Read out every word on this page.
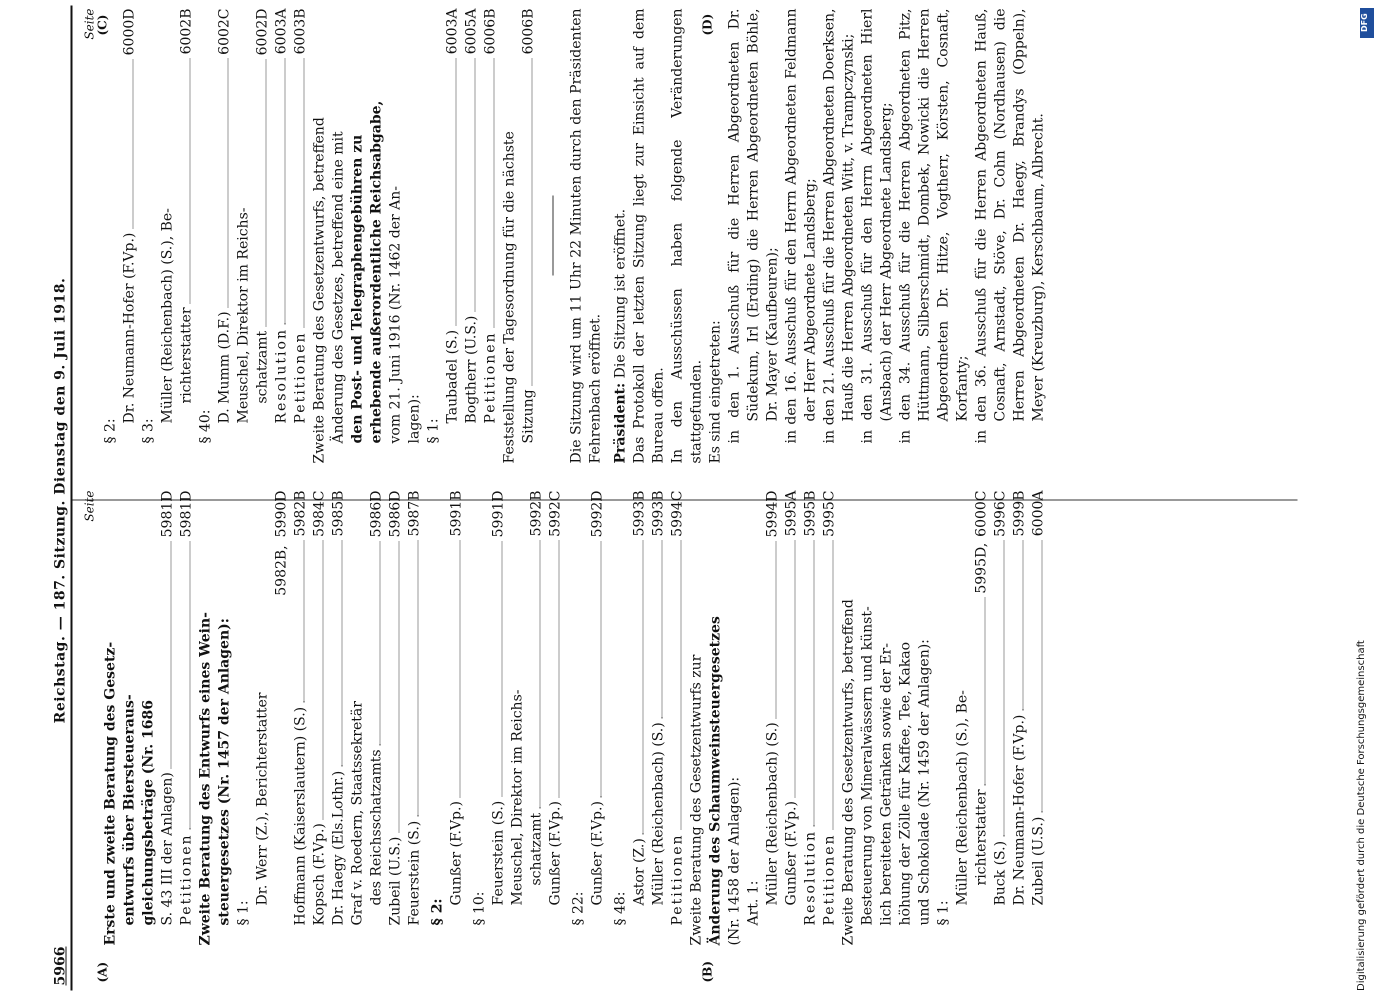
5966
Reichstag. — 187. Sitzung. Dienstag den 9. Juli 1918.
(A)	(B)
(C)	(D)
Seite
Erste und zweite Beratung des Gesetz- entwurfs über Biersteueraus- gleichungsbeträge (Nr. 1686 S. 43 III der Anlagen)
5981D
Petitionen
5981D
Zweite Beratung des Entwurfs eines Wein- steuergesetzes (Nr. 1457 der Anlagen): § 1:
Dr. Werr (Z.), Berichterstatter
5982B,
5990D
Hoffmann (Kaiserslautern) (S.)
5982B
Kopsch (F.Vp.)
5984C
Dr. Haegy (Els.Lothr.)
5985B
Graf v. Roedern, Staatssekretär des Reichsschatzamts
5986D
Zubeil (U.S.)
5986D
Feuerstein (S.)
5987B
§ 2:
Gunßer (F.Vp.)
5991B
§ 10:
Feuerstein (S.)
5991D
Meuschel, Direktor im Reichs- schatzamt
5992B
Gunßer (F.Vp.)
5992C
§ 22:
Gunßer (F.Vp.)
5992D
§ 48:
Astor (Z.)
5993B
Müller (Reichenbach) (S.)
5993B
Petitionen
5994C
Zweite Beratung des Gesetzentwurfs zur Änderung des Schaumweinsteuergesetzes (Nr. 1458 der Anlagen): Art. 1: Müller (Reichenbach) (S.)
5994D
Gunßer (F.Vp.)
5995A
Resolution
5995B
Petitionen
5995C
Zweite Beratung des Gesetzentwurfs, betreffend Besteuerung von Mineralwässern und künst- lich bereiteten Getränken sowie der Er- höhung der Zölle für Kaffee, Tee, Kakao und Schokolade (Nr. 1459 der Anlagen): § 1:
Müller (Reichenbach) (S.), Be- richterstatter
5995D,
6000C
Buck (S.)
5996C
Dr. Neumann-Hofer (F.Vp.)
5999B
Zubeil (U.S.)
6000A
Seite
§ 2:
Dr. Neumann-Hofer (F.Vp.)
6000D
§ 3:
Müller (Reichenbach) (S.), Be- richterstatter
6002B
§ 40:
D. Mumm (D.F.)
6002C
Meuschel, Direktor im Reichs- schatzamt
6002D
Resolution
6003A
Petitionen
6003B
Zweite Beratung des Gesetzentwurfs, betreffend Änderung des Gesetzes, betreffend eine mit den Post- und Telegraphengebühren zu erhebende außerordentliche Reichsabgabe, vom 21. Juni 1916 (Nr. 1462 der An- lagen): § 1:
Taubadel (S.)
6003A
Bogtherr (U.S.)
6005A
Petitionen
6006B
Feststellung der Tagesordnung für die nächste Sitzung
6006B Die Sitzung wird um 11 Uhr 22 Minuten durch den Präsidenten Fehrenbach eröffnet. Präsident: Die Sitzung ist eröffnet. Das Protokoll der letzten Sitzung liegt zur Einsicht auf dem Bureau offen. In den Ausschüssen haben folgende Veränderungen stattgefunden. Es sind eingetreten: in den 1. Ausschuß für die Herren Abgeordneten Dr. Südekum, Irl (Erding) die Herren Abgeordneten Böhle, Dr. Mayer (Kaufbeuren); in den 16. Ausschuß für den Herrn Abgeordneten Feldmann der Herr Abgeordnete Landsberg; in den 21. Ausschuß für die Herren Abgeordneten Doerksen, Hauß die Herren Abgeordneten Witt, v. Trampczynski; in den 31. Ausschuß für den Herrn Abgeordneten Hierl (Ansbach) der Herr Abgeordnete Landsberg; in den 34. Ausschuß für die Herren Abgeordneten Pitz, Hüttmann, Silberschmidt, Dombek, Nowicki die Herren Abgeordneten Dr. Hitze, Vogtherr, Körsten, Cosnaft, Korfanty; in den 36. Ausschuß für die Herren Abgeordneten Hauß, Cosnaft, Arnstadt, Stöve, Dr. Cohn (Nordhausen) die Herren Abgeordneten Dr. Haegy, Brandys (Oppeln), Meyer (Kreuzburg), Kerschbaum, Albrecht.
DFG
Digitalisierung gefördert durch die Deutsche Forschungsgemeinschaft
